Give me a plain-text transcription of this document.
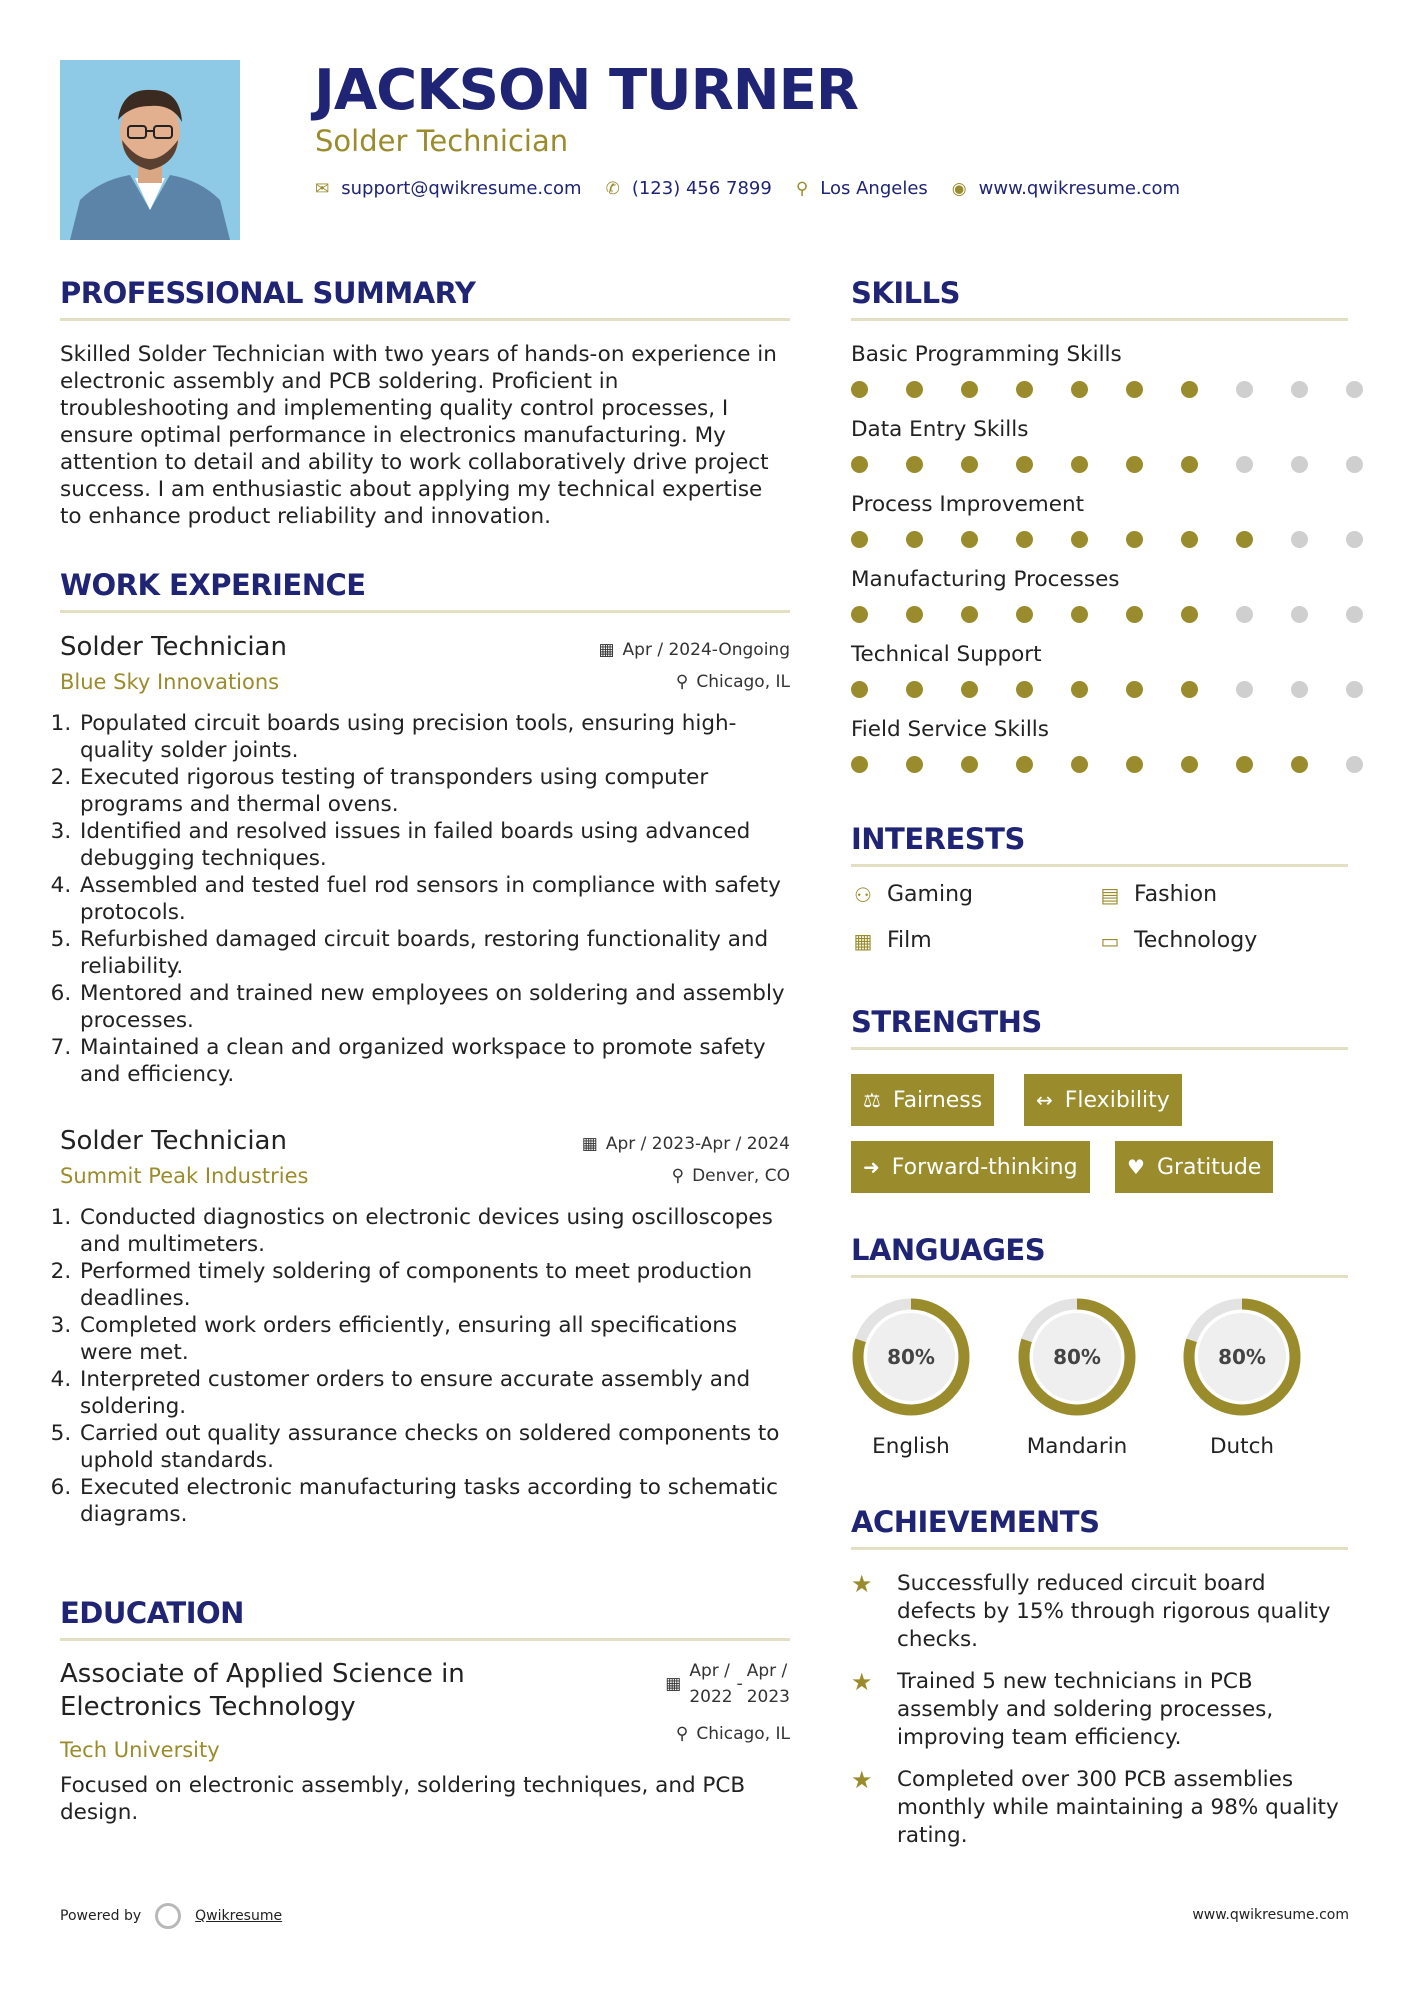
JACKSON TURNER
Solder Technician
✉ support@qwikresume.com ✆ (123) 456 7899 ⚲ Los Angeles ◉ www.qwikresume.com
PROFESSIONAL SUMMARY
Skilled Solder Technician with two years of hands-on experience in electronic assembly and PCB soldering. Proficient in troubleshooting and implementing quality control processes, I ensure optimal performance in electronics manufacturing. My attention to detail and ability to work collaboratively drive project success. I am enthusiastic about applying my technical expertise to enhance product reliability and innovation.
WORK EXPERIENCE
Solder Technician
Blue Sky Innovations
▦ Apr / 2024-Ongoing
⚲ Chicago, IL
1. Populated circuit boards using precision tools, ensuring high-quality solder joints.
2. Executed rigorous testing of transponders using computer programs and thermal ovens.
3. Identified and resolved issues in failed boards using advanced debugging techniques.
4. Assembled and tested fuel rod sensors in compliance with safety protocols.
5. Refurbished damaged circuit boards, restoring functionality and reliability.
6. Mentored and trained new employees on soldering and assembly processes.
7. Maintained a clean and organized workspace to promote safety and efficiency.
Solder Technician
Summit Peak Industries
▦ Apr / 2023-Apr / 2024
⚲ Denver, CO
1. Conducted diagnostics on electronic devices using oscilloscopes and multimeters.
2. Performed timely soldering of components to meet production deadlines.
3. Completed work orders efficiently, ensuring all specifications were met.
4. Interpreted customer orders to ensure accurate assembly and soldering.
5. Carried out quality assurance checks on soldered components to uphold standards.
6. Executed electronic manufacturing tasks according to schematic diagrams.
EDUCATION
Associate of Applied Science in
Electronics Technology
Tech University
▦
Apr /
2022
-
Apr /
2023
⚲ Chicago, IL
Focused on electronic assembly, soldering techniques, and PCB design.
SKILLS
Basic Programming Skills
Data Entry Skills
Process Improvement
Manufacturing Processes
Technical Support
Field Service Skills
INTERESTS
⚇ Gaming	▤ Fashion
▦ Film	▭ Technology
STRENGTHS
⚖ Fairness	↔ Flexibility
➜ Forward-thinking ♥ Gratitude
LANGUAGES
80%
English
80%
Mandarin
80%
Dutch
ACHIEVEMENTS
★	Successfully reduced circuit board defects by 15% through rigorous quality checks.
★	Trained 5 new technicians in PCB assembly and soldering processes, improving team efficiency.
★	Completed over 300 PCB assemblies monthly while maintaining a 98% quality rating.
Powered by	Qwikresume	www.qwikresume.com
